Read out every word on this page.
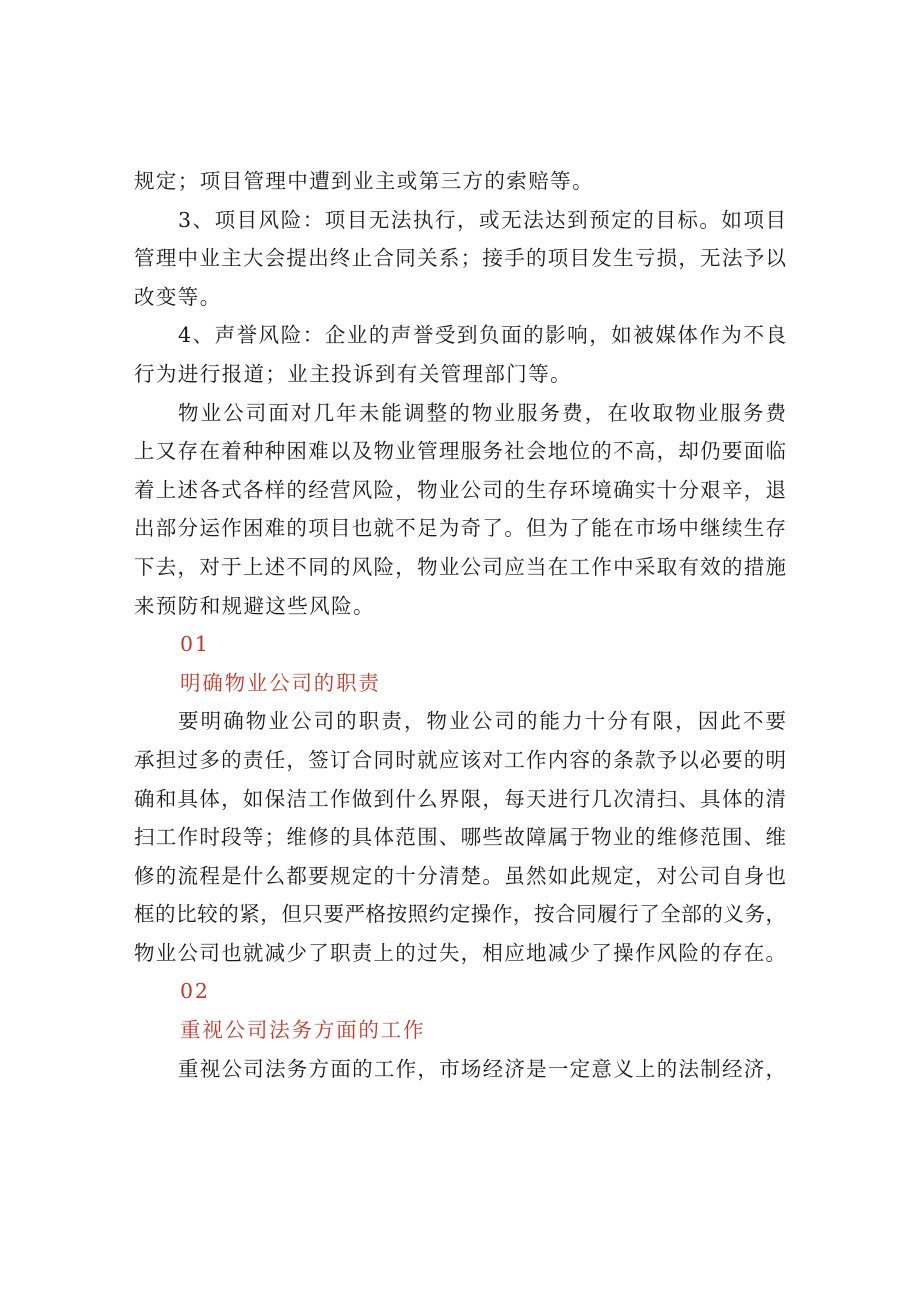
规定；项目管理中遭到业主或第三方的索赔等。
3、项目风险：项目无法执行，或无法达到预定的目标。如项目
管理中业主大会提出终止合同关系；接手的项目发生亏损，无法予以
改变等。
4、声誉风险：企业的声誉受到负面的影响，如被媒体作为不良
行为进行报道；业主投诉到有关管理部门等。
物业公司面对几年未能调整的物业服务费，在收取物业服务费
上又存在着种种困难以及物业管理服务社会地位的不高，却仍要面临
着上述各式各样的经营风险，物业公司的生存环境确实十分艰辛，退
出部分运作困难的项目也就不足为奇了。但为了能在市场中继续生存
下去，对于上述不同的风险，物业公司应当在工作中采取有效的措施
来预防和规避这些风险。
01
明确物业公司的职责
要明确物业公司的职责，物业公司的能力十分有限，因此不要
承担过多的责任，签订合同时就应该对工作内容的条款予以必要的明
确和具体，如保洁工作做到什么界限，每天进行几次清扫、具体的清
扫工作时段等；维修的具体范围、哪些故障属于物业的维修范围、维
修的流程是什么都要规定的十分清楚。虽然如此规定，对公司自身也
框的比较的紧，但只要严格按照约定操作，按合同履行了全部的义务，
物业公司也就减少了职责上的过失，相应地减少了操作风险的存在。
02
重视公司法务方面的工作
重视公司法务方面的工作，市场经济是一定意义上的法制经济，
